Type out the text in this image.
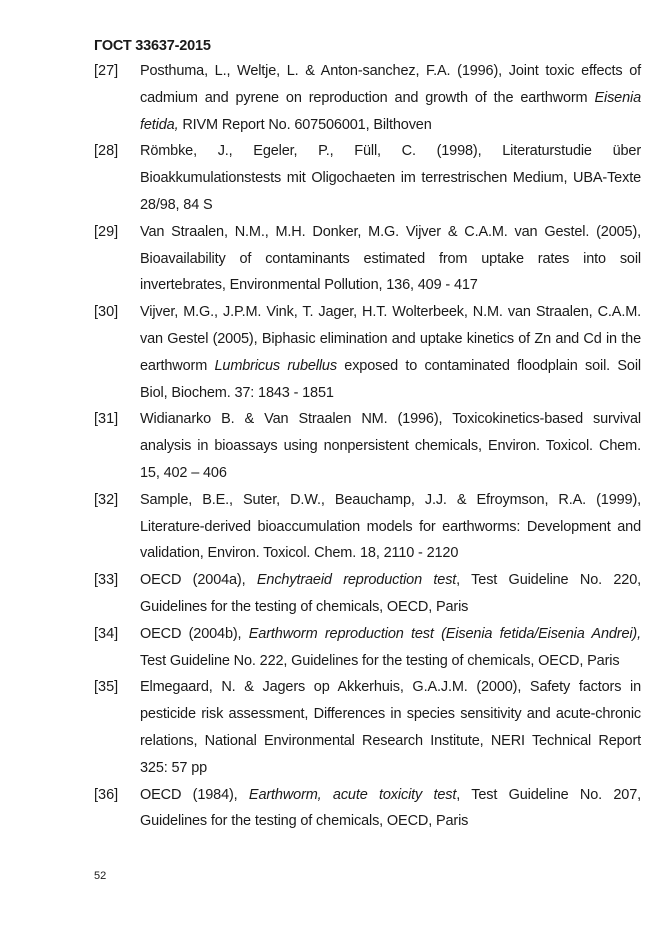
ГОСТ 33637-2015
[27]	Posthuma, L., Weltje, L. & Anton-sanchez, F.A. (1996), Joint toxic effects of cadmium and pyrene on reproduction and growth of the earthworm Eisenia fetida, RIVM Report No. 607506001, Bilthoven
[28]	Römbke, J., Egeler, P., Füll, C. (1998), Literaturstudie über Bioakkumulationstests mit Oligochaeten im terrestrischen Medium, UBA-Texte 28/98, 84 S
[29]	Van Straalen, N.M., M.H. Donker, M.G. Vijver & C.A.M. van Gestel. (2005), Bioavailability of contaminants estimated from uptake rates into soil invertebrates, Environmental Pollution, 136, 409 - 417
[30]	Vijver, M.G., J.P.M. Vink, T. Jager, H.T. Wolterbeek, N.M. van Straalen, C.A.M. van Gestel (2005), Biphasic elimination and uptake kinetics of Zn and Cd in the earthworm Lumbricus rubellus exposed to contaminated floodplain soil. Soil Biol, Biochem. 37: 1843 - 1851
[31]	Widianarko B. & Van Straalen NM. (1996), Toxicokinetics-based survival analysis in bioassays using nonpersistent chemicals, Environ. Toxicol. Chem. 15, 402 – 406
[32]	Sample, B.E., Suter, D.W., Beauchamp, J.J. & Efroymson, R.A. (1999), Literature-derived bioaccumulation models for earthworms: Development and validation, Environ. Toxicol. Chem. 18, 2110 - 2120
[33]	OECD (2004a), Enchytraeid reproduction test, Test Guideline No. 220, Guidelines for the testing of chemicals, OECD, Paris
[34]	OECD (2004b), Earthworm reproduction test (Eisenia fetida/Eisenia Andrei), Test Guideline No. 222, Guidelines for the testing of chemicals, OECD, Paris
[35]	Elmegaard, N. & Jagers op Akkerhuis, G.A.J.M. (2000), Safety factors in pesticide risk assessment, Differences in species sensitivity and acute-chronic relations, National Environmental Research Institute, NERI Technical Report 325: 57 pp
[36]	OECD (1984), Earthworm, acute toxicity test, Test Guideline No. 207, Guidelines for the testing of chemicals, OECD, Paris
52
